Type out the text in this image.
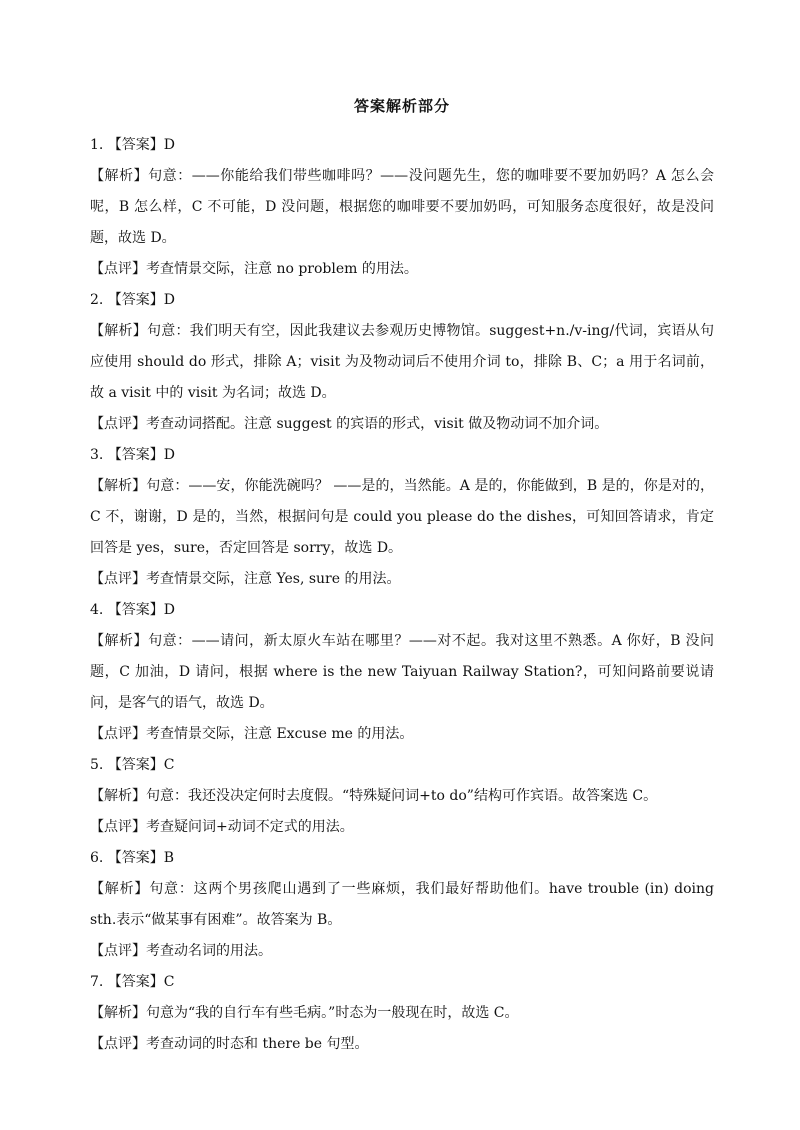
答案解析部分
1. 【答案】D
【解析】句意：——你能给我们带些咖啡吗？——没问题先生，您的咖啡要不要加奶吗？A 怎么会呢，B 怎么样，C 不可能，D 没问题，根据您的咖啡要不要加奶吗，可知服务态度很好，故是没问题，故选 D。
【点评】考查情景交际，注意 no problem 的用法。
2. 【答案】D
【解析】句意：我们明天有空，因此我建议去参观历史博物馆。suggest+n./v-ing/代词，宾语从句应使用 should do 形式，排除 A；visit 为及物动词后不使用介词 to，排除 B、C；a 用于名词前，故 a visit 中的 visit 为名词；故选 D。
【点评】考查动词搭配。注意 suggest 的宾语的形式，visit 做及物动词不加介词。
3. 【答案】D
【解析】句意：——安，你能洗碗吗？ ——是的，当然能。A 是的，你能做到，B 是的，你是对的，C 不，谢谢，D 是的，当然，根据问句是 could you please do the dishes，可知回答请求，肯定回答是 yes，sure，否定回答是 sorry，故选 D。
【点评】考查情景交际，注意 Yes, sure 的用法。
4. 【答案】D
【解析】句意：——请问，新太原火车站在哪里？——对不起。我对这里不熟悉。A 你好，B 没问题，C 加油，D 请问，根据 where is the new Taiyuan Railway Station?，可知问路前要说请问，是客气的语气，故选 D。
【点评】考查情景交际，注意 Excuse me 的用法。
5. 【答案】C
【解析】句意：我还没决定何时去度假。“特殊疑问词+to do”结构可作宾语。故答案选 C。
【点评】考查疑问词+动词不定式的用法。
6. 【答案】B
【解析】句意：这两个男孩爬山遇到了一些麻烦，我们最好帮助他们。have trouble (in) doing sth.表示“做某事有困难”。故答案为 B。
【点评】考查动名词的用法。
7. 【答案】C
【解析】句意为“我的自行车有些毛病。”时态为一般现在时，故选 C。
【点评】考查动词的时态和 there be 句型。
